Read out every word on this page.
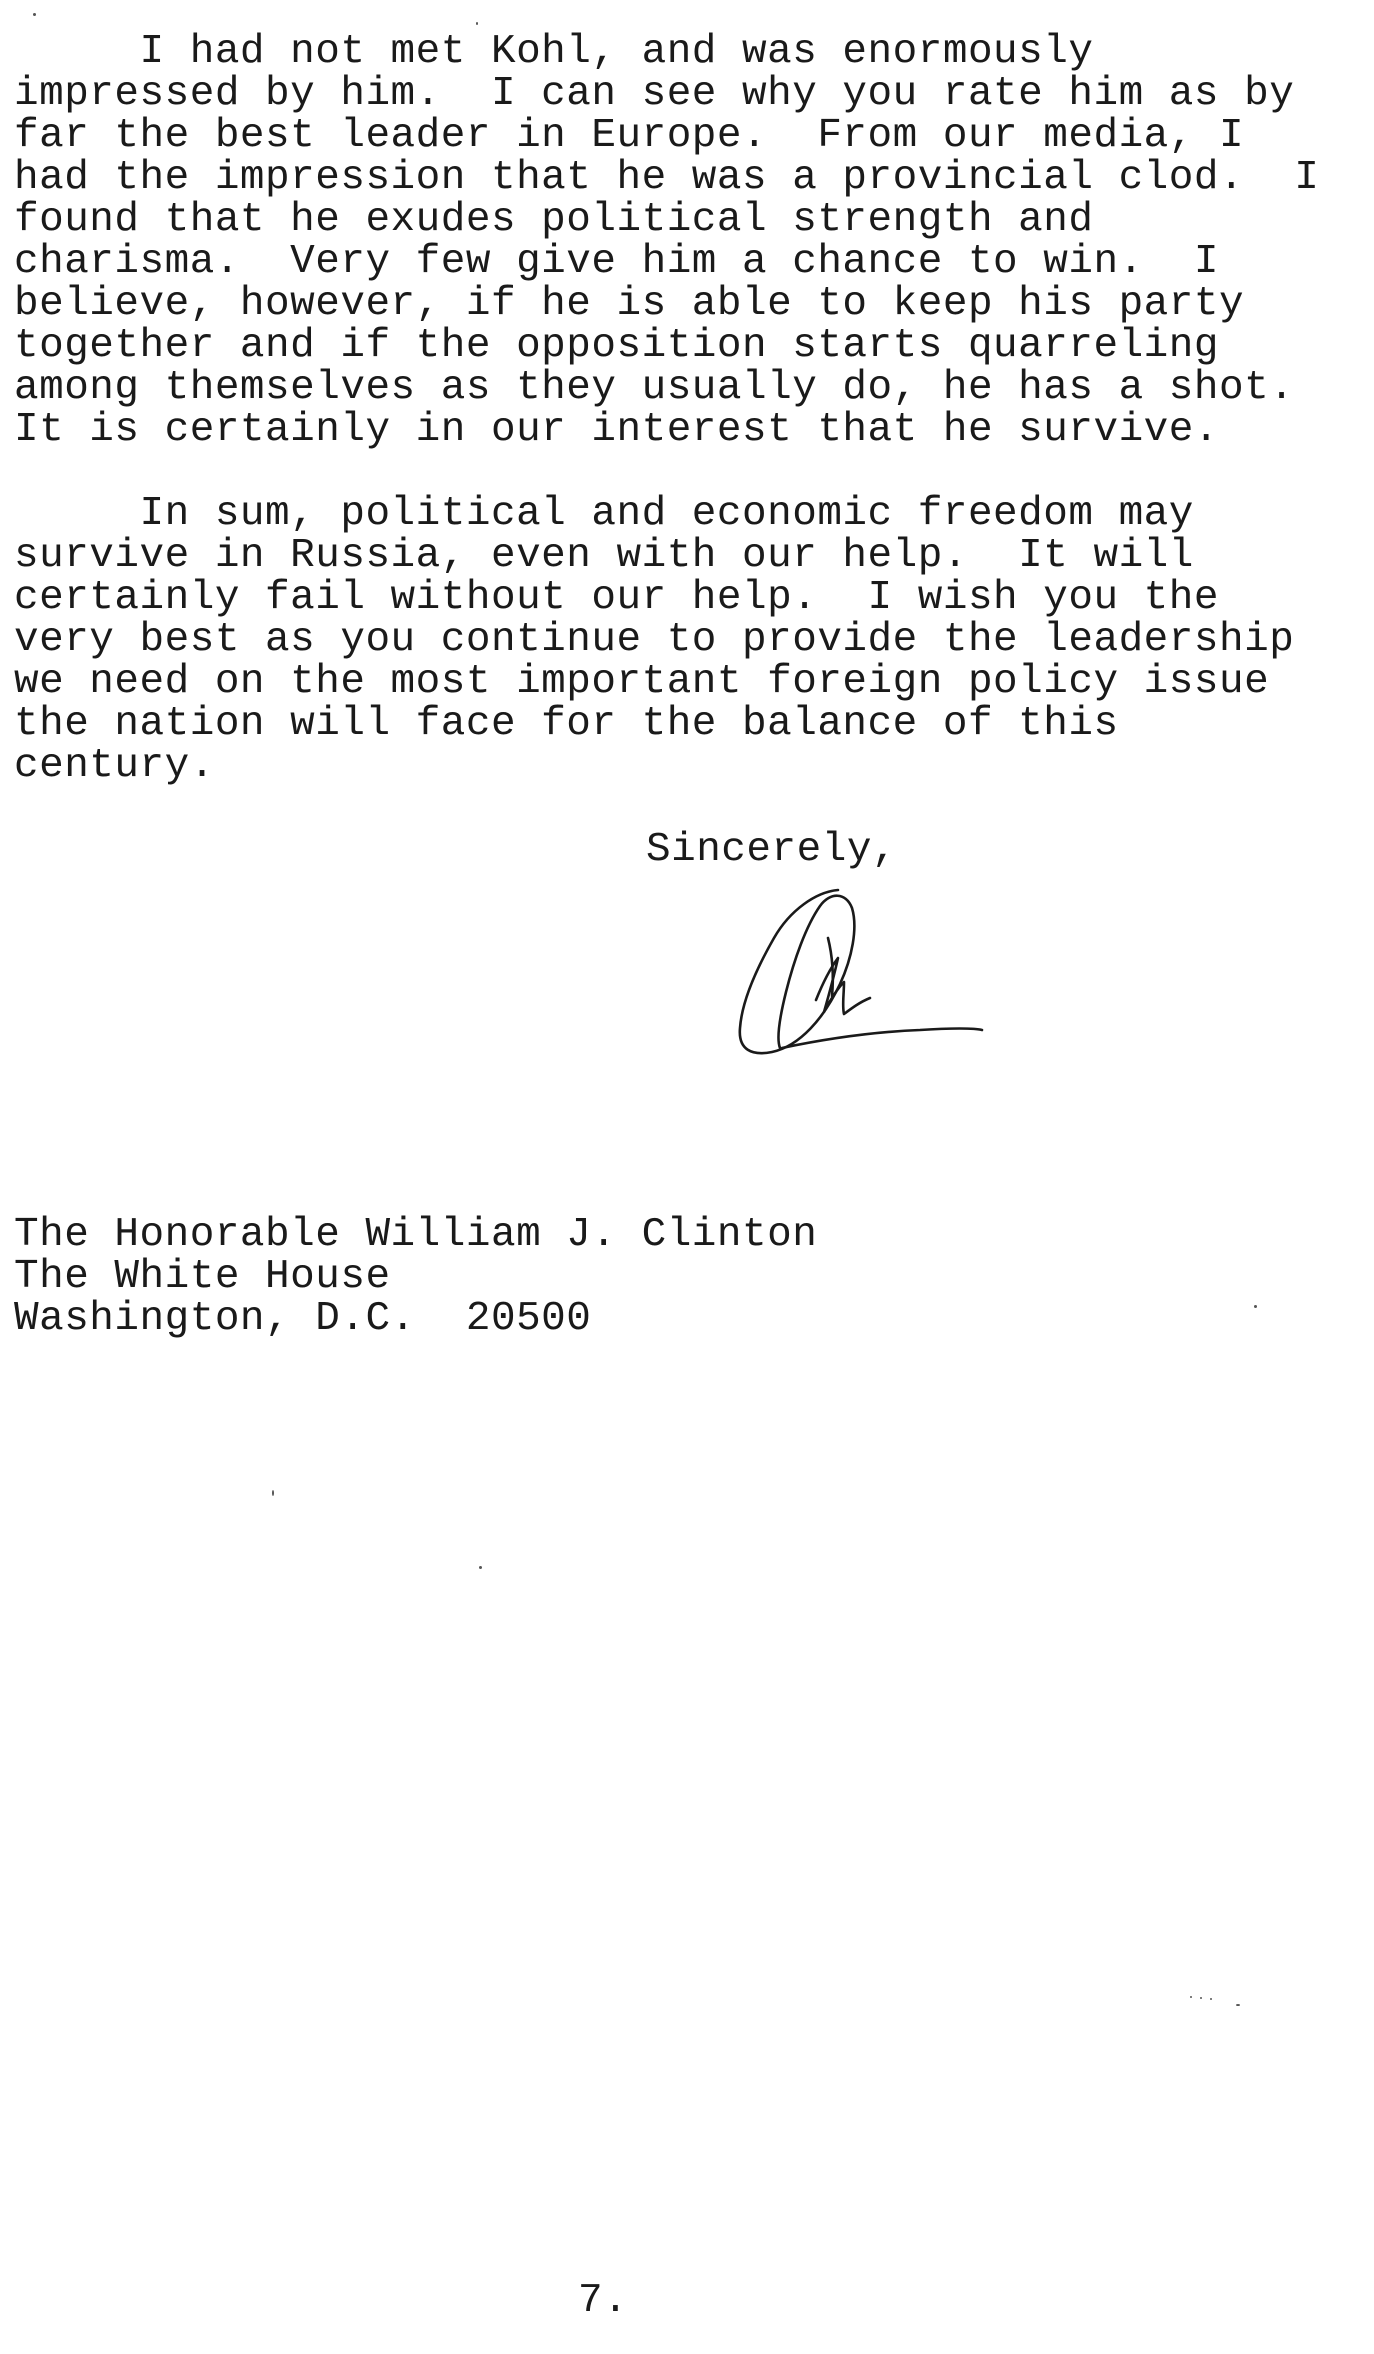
I had not met Kohl, and was enormously
impressed by him.  I can see why you rate him as by
far the best leader in Europe.  From our media, I
had the impression that he was a provincial clod.  I
found that he exudes political strength and
charisma.  Very few give him a chance to win.  I
believe, however, if he is able to keep his party
together and if the opposition starts quarreling
among themselves as they usually do, he has a shot.
It is certainly in our interest that he survive.
In sum, political and economic freedom may
survive in Russia, even with our help.  It will
certainly fail without our help.  I wish you the
very best as you continue to provide the leadership
we need on the most important foreign policy issue
the nation will face for the balance of this
century.
Sincerely,
The Honorable William J. Clinton
The White House
Washington, D.C.  20500
7.
